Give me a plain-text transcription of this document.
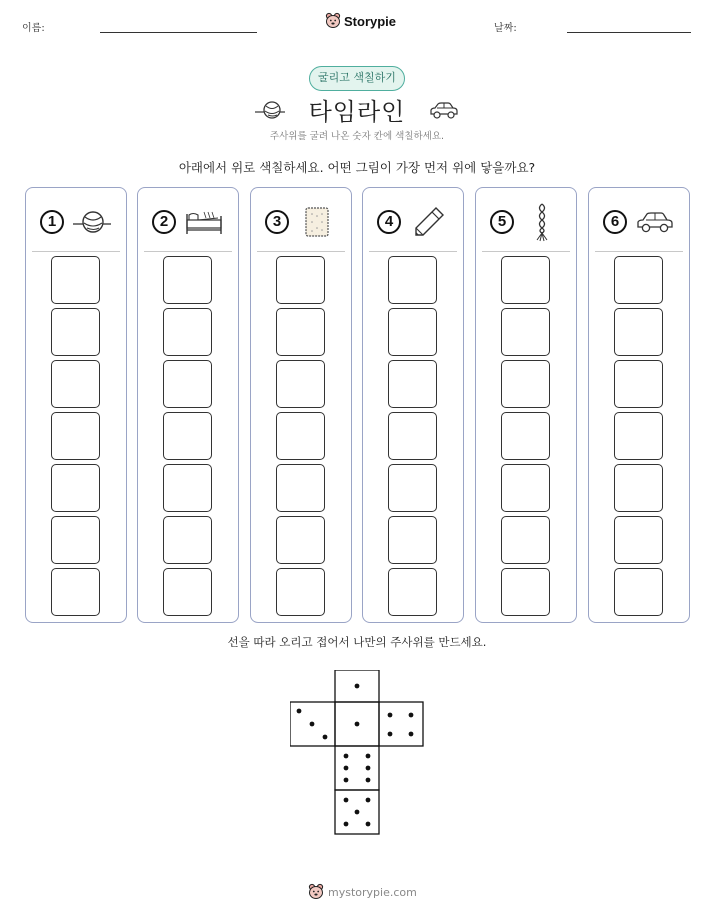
이름:	Storypie	날짜:
굴리고 색칠하기
타임라인
주사위를 굴려 나온 숫자 칸에 색칠하세요.
아래에서 위로 색칠하세요. 어떤 그림이 가장 먼저 위에 닿을까요?
1	2	3	4	5	6
선을 따라 오리고 접어서 나만의 주사위를 만드세요.
mystorypie.com
